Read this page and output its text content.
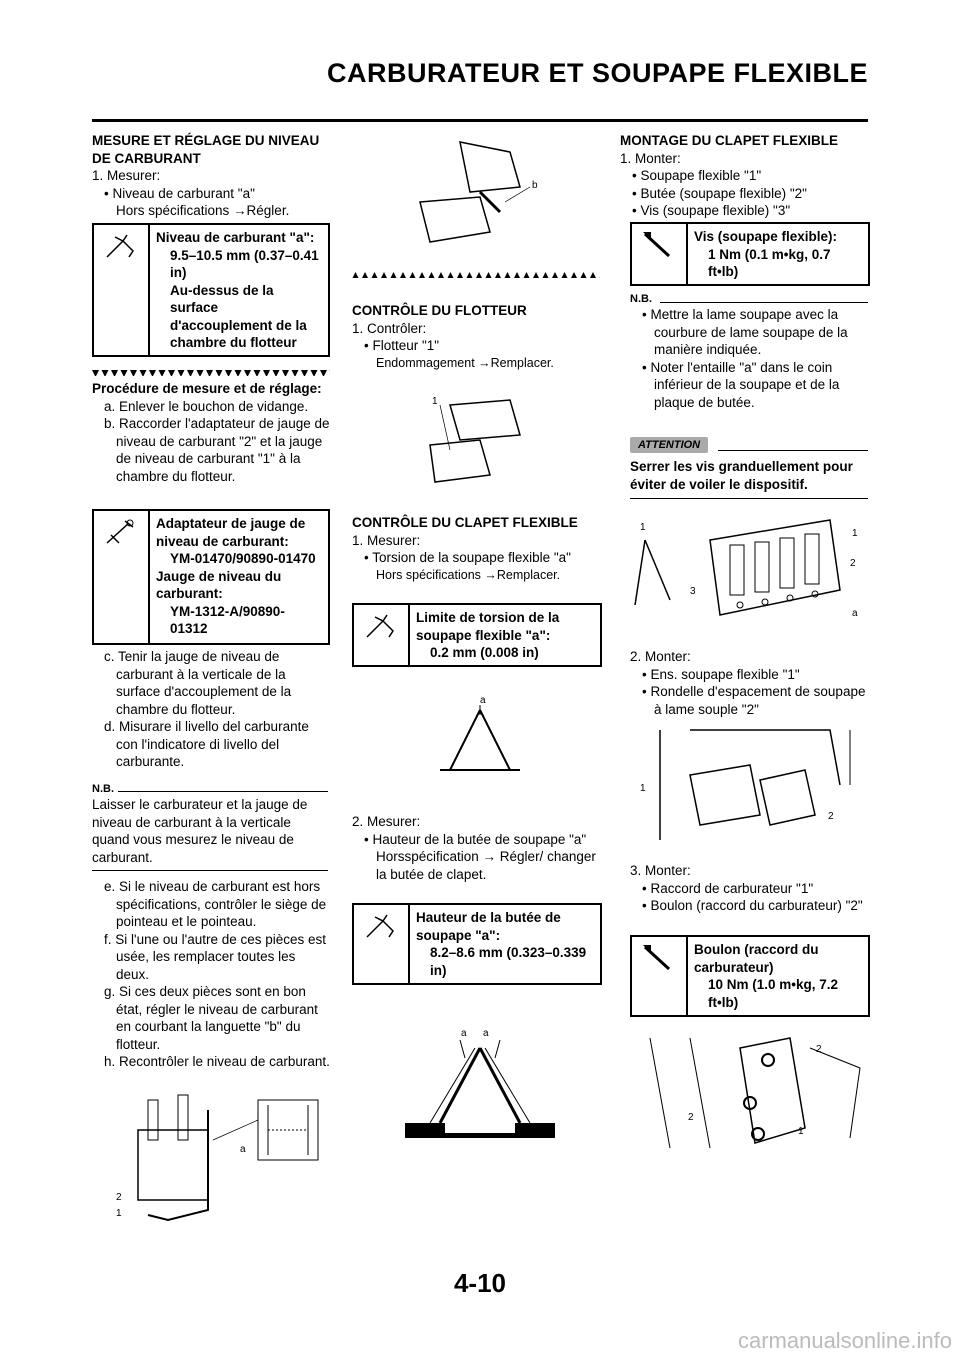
CARBURATEUR ET SOUPAPE FLEXIBLE

MESURE ET RÉGLAGE DU NIVEAU DE CARBURANT

1. Mesurer:

• Niveau de carburant "a"

Hors spécifications →Régler.

Niveau de carburant "a":
9.5–10.5 mm (0.37–0.41 in)
Au-dessus de la surface d'accouplement de la chambre du flotteur

Procédure de mesure et de réglage:

a. Enlever le bouchon de vidange.

b. Raccorder l'adaptateur de jauge de niveau de carburant "2" et la jauge de niveau de carburant "1" à la chambre du flotteur.

Adaptateur de jauge de niveau de carburant:
YM-01470/90890-01470
Jauge de niveau du carburant:
YM-1312-A/90890-01312

c. Tenir la jauge de niveau de carburant à la verticale de la surface d'accouplement de la chambre du flotteur.

d. Misurare il livello del carburante con l'indicatore di livello del carburante.

N.B.

Laisser le carburateur et la jauge de niveau de carburant à la verticale quand vous mesurez le niveau de carburant.

e. Si le niveau de carburant est hors spécifications, contrôler le siège de pointeau et le pointeau.

f. Si l'une ou l'autre de ces pièces est usée, les remplacer toutes les deux.

g. Si ces deux pièces sont en bon état, régler le niveau de carburant en courbant la languette "b" du flotteur.

h. Recontrôler le niveau de carburant.

2
1
a
b

CONTRÔLE DU FLOTTEUR

1. Contrôler:

• Flotteur "1"

Endommagement →Remplacer.

1

CONTRÔLE DU CLAPET FLEXIBLE

1. Mesurer:

• Torsion de la soupape flexible "a"

Hors spécifications →Remplacer.

Limite de torsion de la soupape flexible "a":
0.2 mm (0.008 in)
a

2. Mesurer:

• Hauteur de la butée de soupape "a"

Horsspécification → Régler/ changer la butée de clapet.

Hauteur de la butée de soupape "a":
8.2–8.6 mm (0.323–0.339 in)
a a

MONTAGE DU CLAPET FLEXIBLE

1. Monter:

• Soupape flexible "1"

• Butée (soupape flexible) "2"

• Vis (soupape flexible) "3"

Vis (soupape flexible):
1 Nm (0.1 m•kg, 0.7 ft•lb)
N.B.

• Mettre la lame soupape avec la courbure de lame soupape de la manière indiquée.

• Noter l'entaille "a" dans le coin inférieur de la soupape et de la plaque de butée.

ATTENTION

Serrer les vis granduellement pour éviter de voiler le dispositif.

1
1
2
3
a

2. Monter:

• Ens. soupape flexible "1"

• Rondelle d'espacement de soupape à lame souple "2"

1
2

3. Monter:

• Raccord de carburateur "1"

• Boulon (raccord du carburateur) "2"

Boulon (raccord du carburateur)
10 Nm (1.0 m•kg, 7.2 ft•lb)
2
2
1
4-10
carmanualsonline.info
